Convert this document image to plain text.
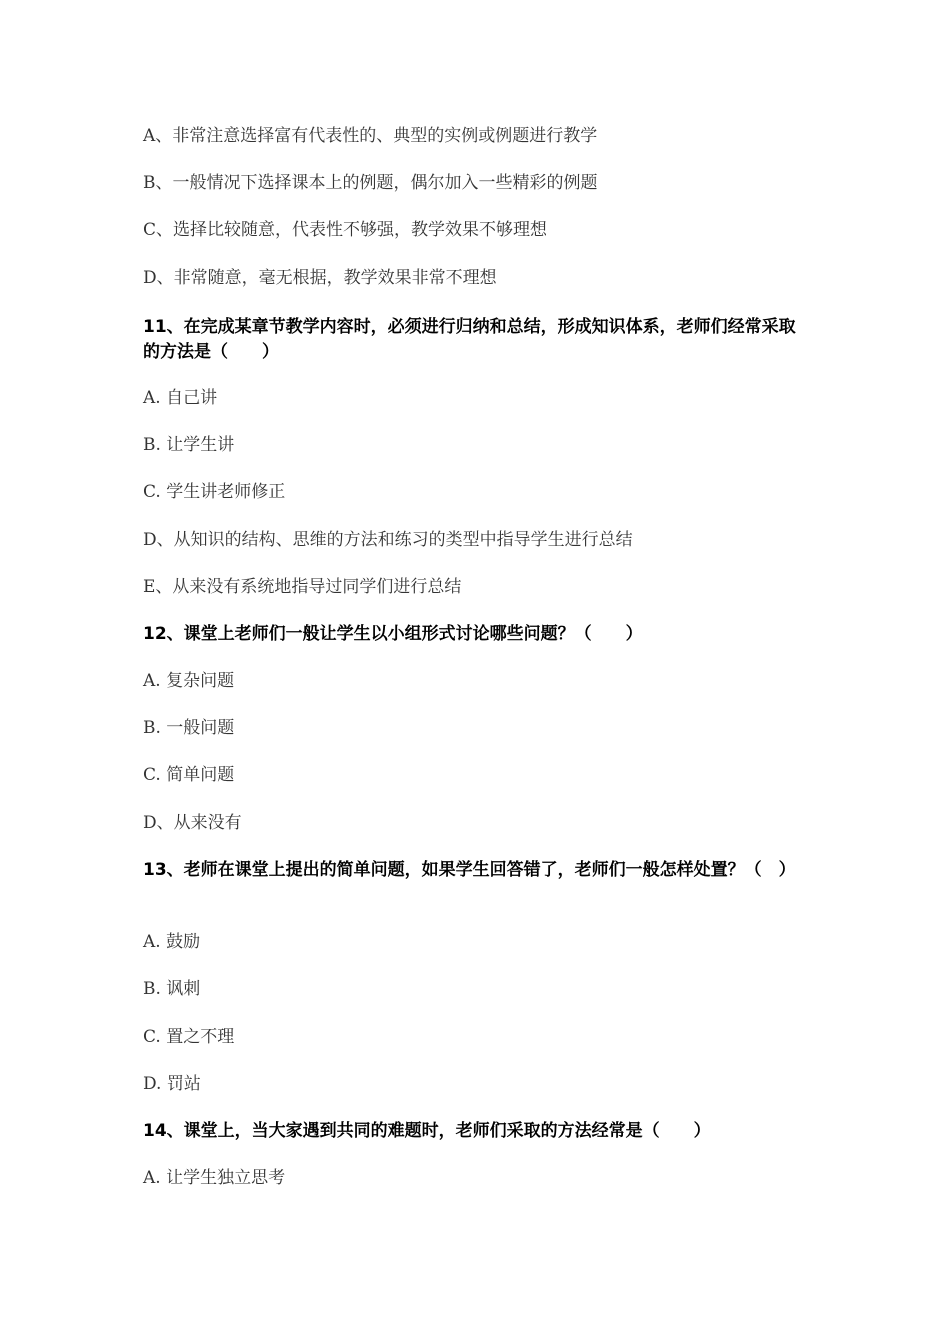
A、非常注意选择富有代表性的、典型的实例或例题进行教学
B、一般情况下选择课本上的例题，偶尔加入一些精彩的例题
C、选择比较随意，代表性不够强，教学效果不够理想
D、非常随意，毫无根据，教学效果非常不理想
11、在完成某章节教学内容时，必须进行归纳和总结，形成知识体系，老师们经常采取的方法是（　　）
A. 自己讲
B. 让学生讲
C. 学生讲老师修正
D、从知识的结构、思维的方法和练习的类型中指导学生进行总结
E、从来没有系统地指导过同学们进行总结
12、课堂上老师们一般让学生以小组形式讨论哪些问题？（　　）
A. 复杂问题
B. 一般问题
C. 简单问题
D、从来没有
13、老师在课堂上提出的简单问题，如果学生回答错了，老师们一般怎样处置？（　）
A. 鼓励
B. 讽刺
C. 置之不理
D. 罚站
14、课堂上，当大家遇到共同的难题时，老师们采取的方法经常是（　　）
A. 让学生独立思考
